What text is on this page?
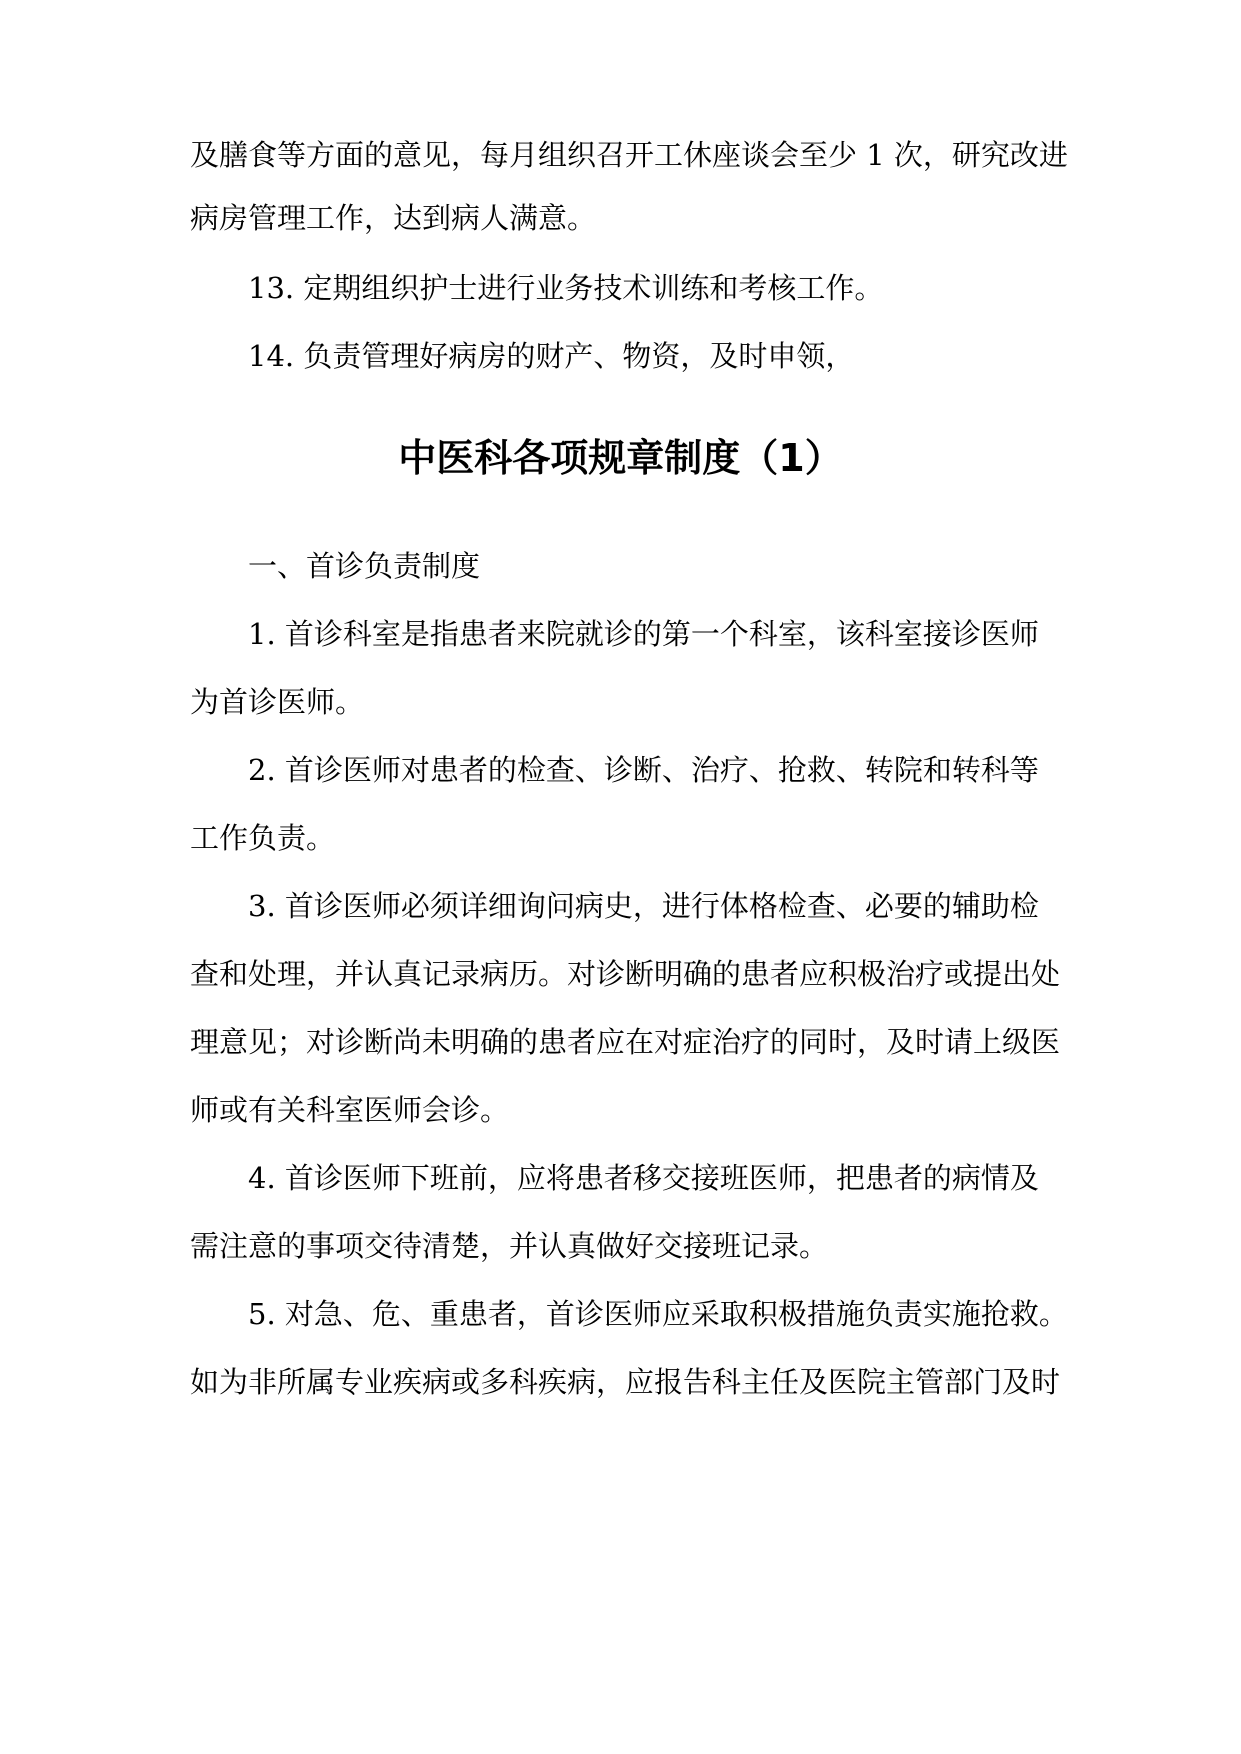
及膳食等方面的意见，每月组织召开工休座谈会至少 1 次，研究改进
病房管理工作，达到病人满意。
13. 定期组织护士进行业务技术训练和考核工作。
14. 负责管理好病房的财产、物资，及时申领，
中医科各项规章制度（1）
一、首诊负责制度
1. 首诊科室是指患者来院就诊的第一个科室，该科室接诊医师
为首诊医师。
2. 首诊医师对患者的检查、诊断、治疗、抢救、转院和转科等
工作负责。
3. 首诊医师必须详细询问病史，进行体格检查、必要的辅助检
查和处理，并认真记录病历。对诊断明确的患者应积极治疗或提出处
理意见；对诊断尚未明确的患者应在对症治疗的同时，及时请上级医
师或有关科室医师会诊。
4. 首诊医师下班前，应将患者移交接班医师，把患者的病情及
需注意的事项交待清楚，并认真做好交接班记录。
5. 对急、危、重患者，首诊医师应采取积极措施负责实施抢救。
如为非所属专业疾病或多科疾病，应报告科主任及医院主管部门及时
